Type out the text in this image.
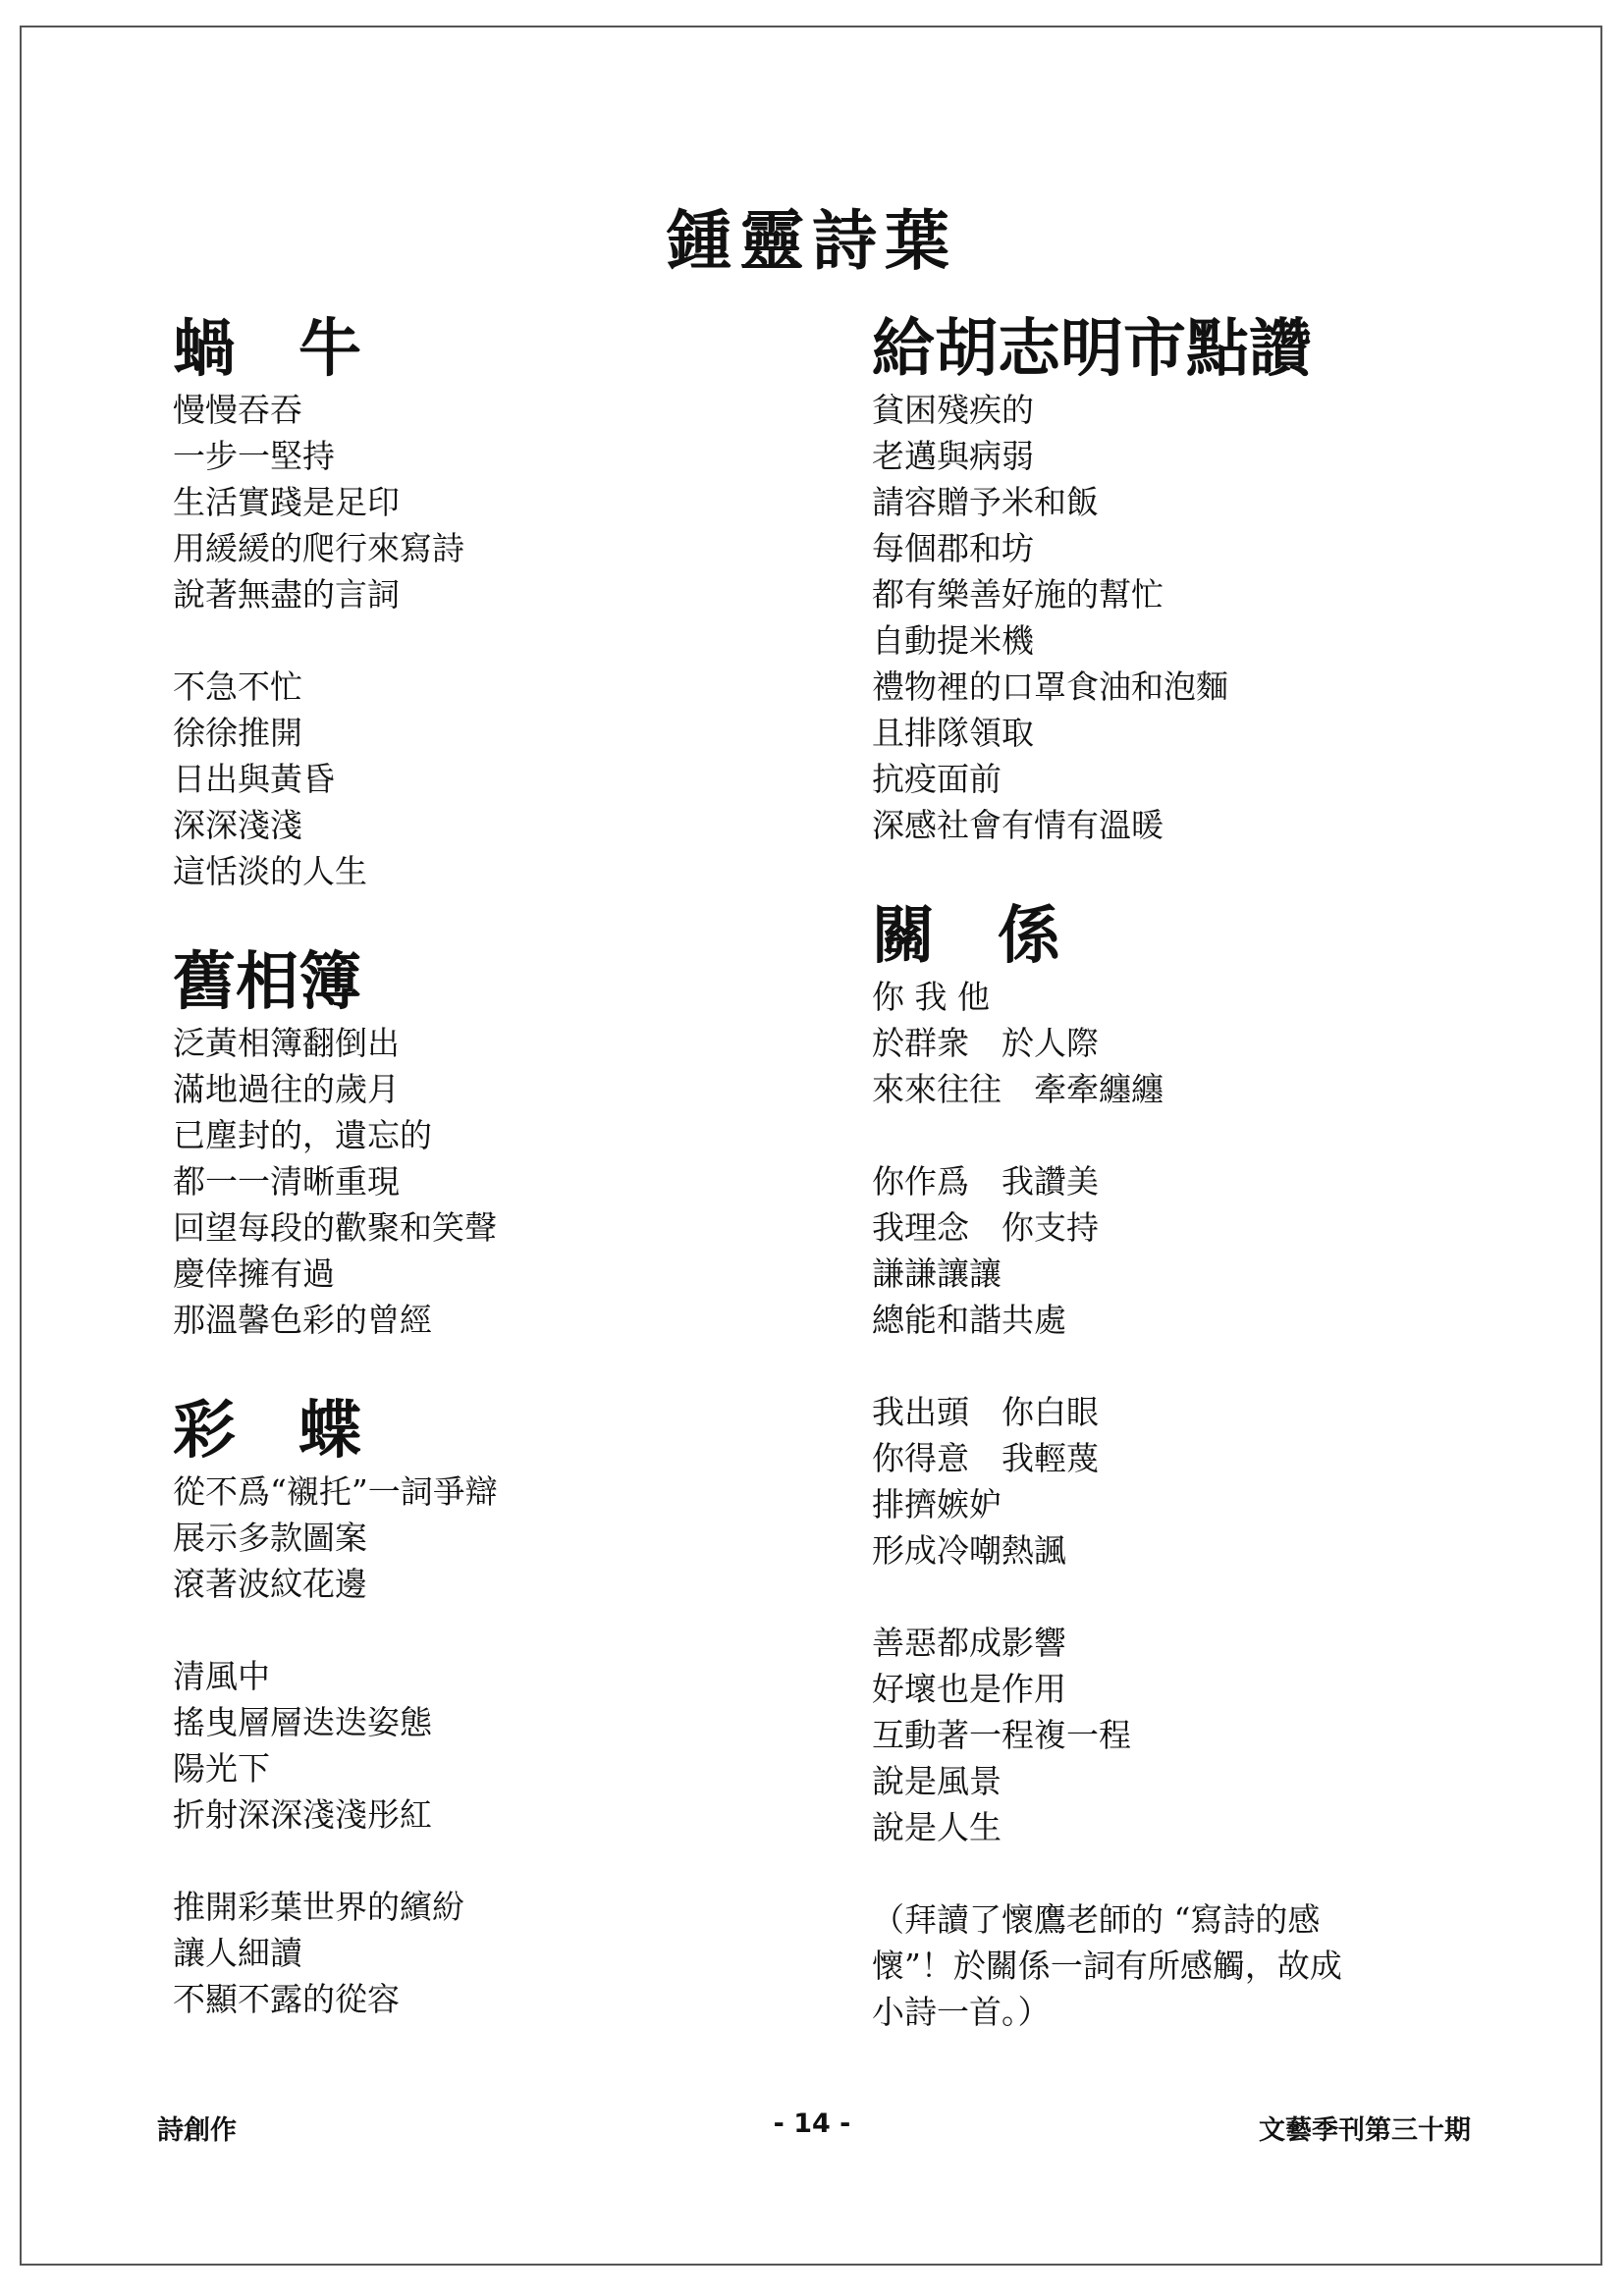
鍾靈詩葉
蝸　牛
慢慢吞吞
一步一堅持
生活實踐是足印
用緩緩的爬行來寫詩
說著無盡的言詞
不急不忙
徐徐推開
日出與黃昏
深深淺淺
這恬淡的人生
舊相簿
泛黃相簿翻倒出
滿地過往的歲月
已塵封的，遺忘的
都一一清晰重現
回望每段的歡聚和笑聲
慶倖擁有過
那溫馨色彩的曾經
彩　蝶
從不爲“襯托”一詞爭辯
展示多款圖案
滾著波紋花邊
清風中
搖曳層層迭迭姿態
陽光下
折射深深淺淺彤紅
推開彩葉世界的繽紛
讓人細讀
不顯不露的從容
給胡志明市點讚
貧困殘疾的
老邁與病弱
請容贈予米和飯
每個郡和坊
都有樂善好施的幫忙
自動提米機
禮物裡的口罩食油和泡麵
且排隊領取
抗疫面前
深感社會有情有溫暖
關　係
你 我 他
於群衆　於人際
來來往往　牽牽纏纏
你作爲　我讚美
我理念　你支持
謙謙讓讓
總能和諧共處
我出頭　你白眼
你得意　我輕蔑
排擠嫉妒
形成冷嘲熱諷
善惡都成影響
好壞也是作用
互動著一程複一程
說是風景
說是人生
（拜讀了懷鷹老師的 “寫詩的感
懷”！於關係一詞有所感觸，故成
小詩一首。）
詩創作	- 14 -	文藝季刊第三十期
